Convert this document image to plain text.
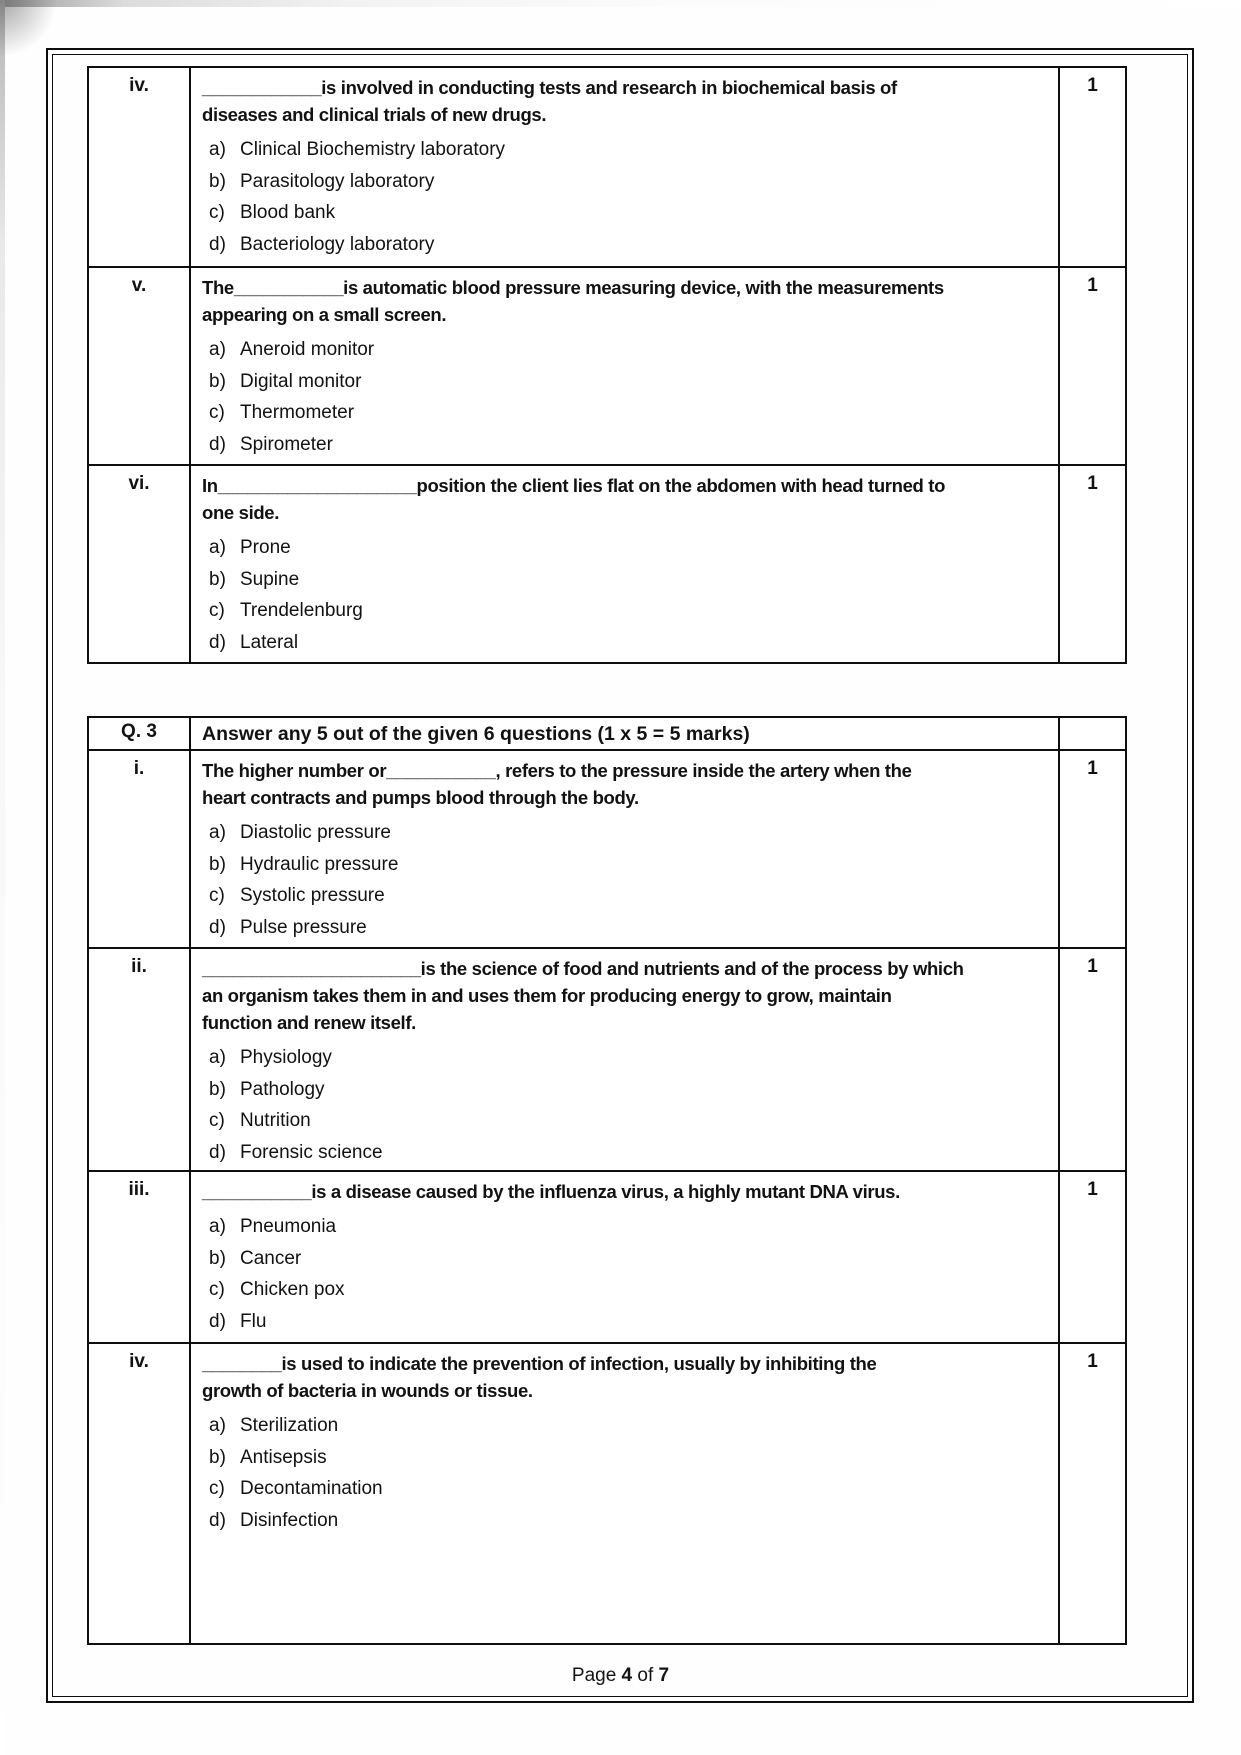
iv.	____________is involved in conducting tests and research in biochemical basis of
diseases and clinical trials of new drugs.
a) Clinical Biochemistry laboratory
b) Parasitology laboratory
c) Blood bank
d) Bacteriology laboratory
	1
v.	The___________is automatic blood pressure measuring device, with the measurements
appearing on a small screen.
a) Aneroid monitor
b) Digital monitor
c) Thermometer
d) Spirometer
	1
vi.	In____________________position the client lies flat on the abdomen with head turned to
one side.
a) Prone
b) Supine
c) Trendelenburg
d) Lateral
	1
Q. 3	Answer any 5 out of the given 6 questions (1 x 5 = 5 marks)	
i.	The higher number or___________, refers to the pressure inside the artery when the
heart contracts and pumps blood through the body.
a) Diastolic pressure
b) Hydraulic pressure
c) Systolic pressure
d) Pulse pressure
	1
ii.	______________________is the science of food and nutrients and of the process by which
an organism takes them in and uses them for producing energy to grow, maintain
function and renew itself.
a) Physiology
b) Pathology
c) Nutrition
d) Forensic science
	1
iii.	___________is a disease caused by the influenza virus, a highly mutant DNA virus.
a) Pneumonia
b) Cancer
c) Chicken pox
d) Flu
	1
iv.	________is used to indicate the prevention of infection, usually by inhibiting the
growth of bacteria in wounds or tissue.
a) Sterilization
b) Antisepsis
c) Decontamination
d) Disinfection
	1
Page 4 of 7
